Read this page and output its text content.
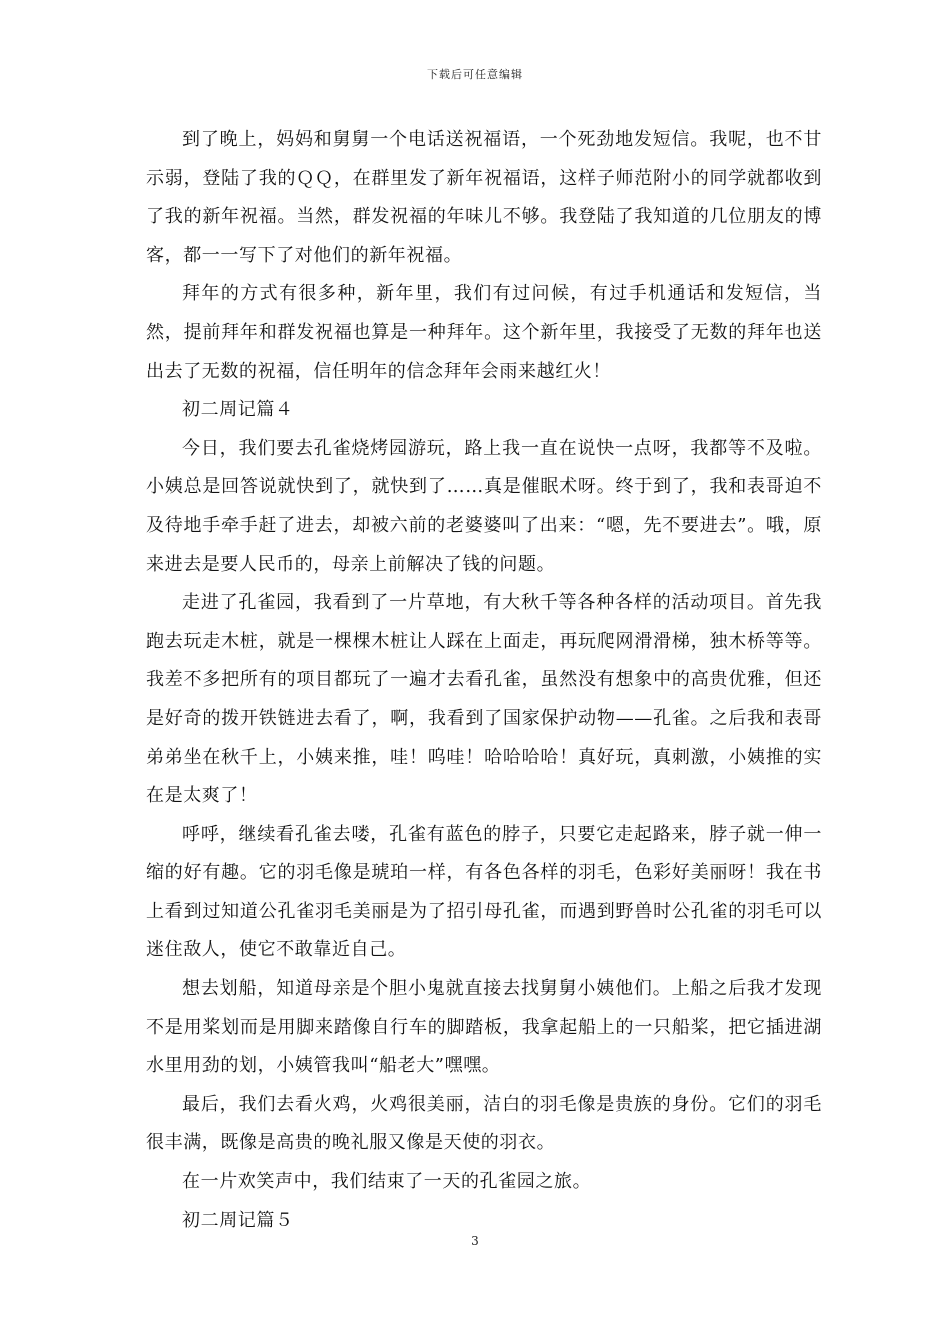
下载后可任意编辑

到了晚上，妈妈和舅舅一个电话送祝福语，一个死劲地发短信。我呢，也不甘示弱，登陆了我的ＱＱ，在群里发了新年祝福语，这样子师范附小的同学就都收到了我的新年祝福。当然，群发祝福的年味儿不够。我登陆了我知道的几位朋友的博客，都一一写下了对他们的新年祝福。

拜年的方式有很多种，新年里，我们有过问候，有过手机通话和发短信，当然，提前拜年和群发祝福也算是一种拜年。这个新年里，我接受了无数的拜年也送出去了无数的祝福，信任明年的信念拜年会雨来越红火！

初二周记篇４

今日，我们要去孔雀烧烤园游玩，路上我一直在说快一点呀，我都等不及啦。小姨总是回答说就快到了，就快到了……真是催眠术呀。终于到了，我和表哥迫不及待地手牵手赶了进去，却被六前的老婆婆叫了出来：“嗯，先不要进去”。哦，原来进去是要人民币的，母亲上前解决了钱的问题。

走进了孔雀园，我看到了一片草地，有大秋千等各种各样的活动项目。首先我跑去玩走木桩，就是一棵棵木桩让人踩在上面走，再玩爬网滑滑梯，独木桥等等。我差不多把所有的项目都玩了一遍才去看孔雀，虽然没有想象中的高贵优雅，但还是好奇的拨开铁链进去看了，啊，我看到了国家保护动物——孔雀。之后我和表哥弟弟坐在秋千上，小姨来推，哇！呜哇！哈哈哈哈！真好玩，真刺激，小姨推的实在是太爽了！

呼呼，继续看孔雀去喽，孔雀有蓝色的脖子，只要它走起路来，脖子就一伸一缩的好有趣。它的羽毛像是琥珀一样，有各色各样的羽毛，色彩好美丽呀！我在书上看到过知道公孔雀羽毛美丽是为了招引母孔雀，而遇到野兽时公孔雀的羽毛可以迷住敌人，使它不敢靠近自己。

想去划船，知道母亲是个胆小鬼就直接去找舅舅小姨他们。上船之后我才发现不是用桨划而是用脚来踏像自行车的脚踏板，我拿起船上的一只船桨，把它插进湖水里用劲的划，小姨管我叫“船老大”嘿嘿。

最后，我们去看火鸡，火鸡很美丽，洁白的羽毛像是贵族的身份。它们的羽毛很丰满，既像是高贵的晚礼服又像是天使的羽衣。

在一片欢笑声中，我们结束了一天的孔雀园之旅。

初二周记篇５

3
